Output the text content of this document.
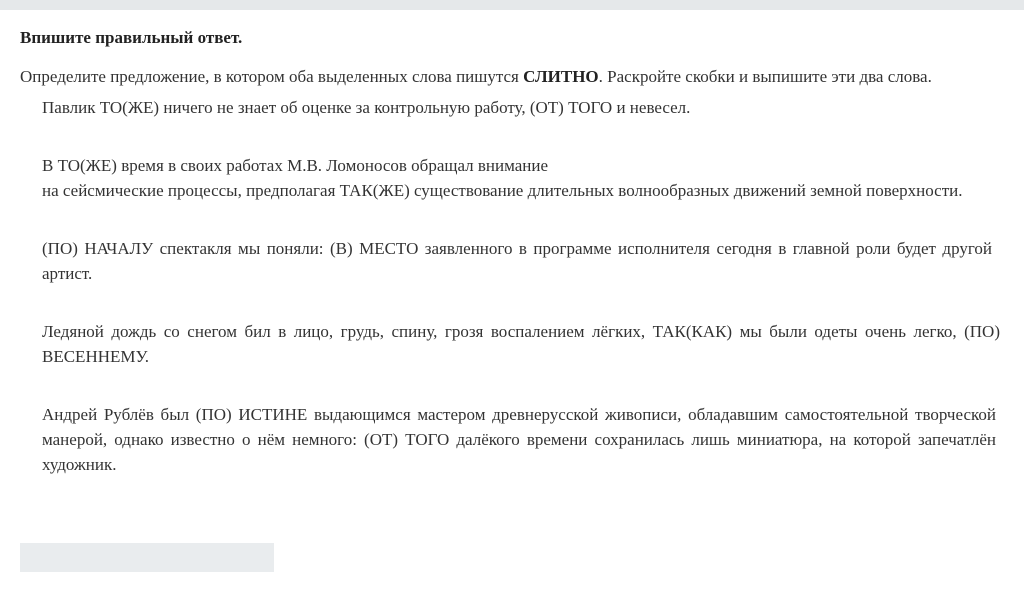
Впишите правильный ответ.
Определите предложение, в котором оба выделенных слова пишутся СЛИТНО. Раскройте скобки и выпишите эти два слова.
Павлик ТО(ЖЕ) ничего не знает об оценке за контрольную работу, (ОТ) ТОГО и невесел.
В ТО(ЖЕ) время в своих работах М.В. Ломоносов обращал внимание
на сейсмические процессы, предполагая ТАК(ЖЕ) существование длительных волнообразных движений земной поверхности.
(ПО) НАЧАЛУ спектакля мы поняли: (В) МЕСТО заявленного в программе исполнителя сегодня в главной роли будет другой артист.
Ледяной дождь со снегом бил в лицо, грудь, спину, грозя воспалением лёгких, ТАК(КАК) мы были одеты очень легко, (ПО) ВЕСЕННЕМУ.
Андрей Рублёв был (ПО) ИСТИНЕ выдающимся мастером древнерусской живописи, обладавшим самостоятельной творческой манерой, однако известно о нём немного: (ОТ) ТОГО далёкого времени сохранилась лишь миниатюра, на которой запечатлён художник.
